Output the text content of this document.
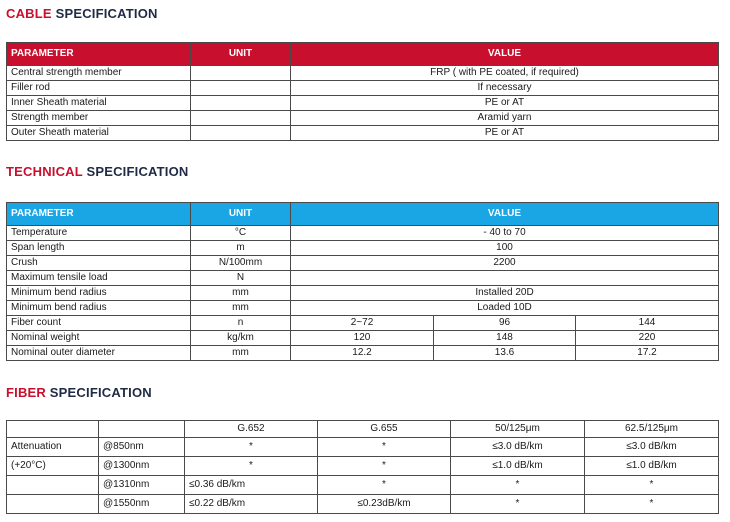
CABLE SPECIFICATION
PARAMETER	UNIT	VALUE
Central strength member		FRP ( with PE coated, if required)
Filler rod		If necessary
Inner Sheath material		PE or AT
Strength member		Aramid yarn
Outer Sheath material		PE or AT
TECHNICAL SPECIFICATION
PARAMETER	UNIT	VALUE		
Temperature	°C	- 40 to 70		
Span length	m	100		
Crush	N/100mm	2200		
Maximum tensile load	N			
Minimum bend radius	mm	Installed 20D		
Minimum bend radius	mm	Loaded 10D		
Fiber count	n	2~72	96	144
Nominal weight	kg/km	120	148	220
Nominal outer diameter	mm	12.2	13.6	17.2
FIBER SPECIFICATION
		G.652	G.655	50/125μm	62.5/125μm
Attenuation	@850nm	*	*	≤3.0 dB/km	≤3.0 dB/km
(+20°C)	@1300nm	*	*	≤1.0 dB/km	≤1.0 dB/km
	@1310nm	≤0.36 dB/km	*	*	*
	@1550nm	≤0.22 dB/km	≤0.23dB/km	*	*
